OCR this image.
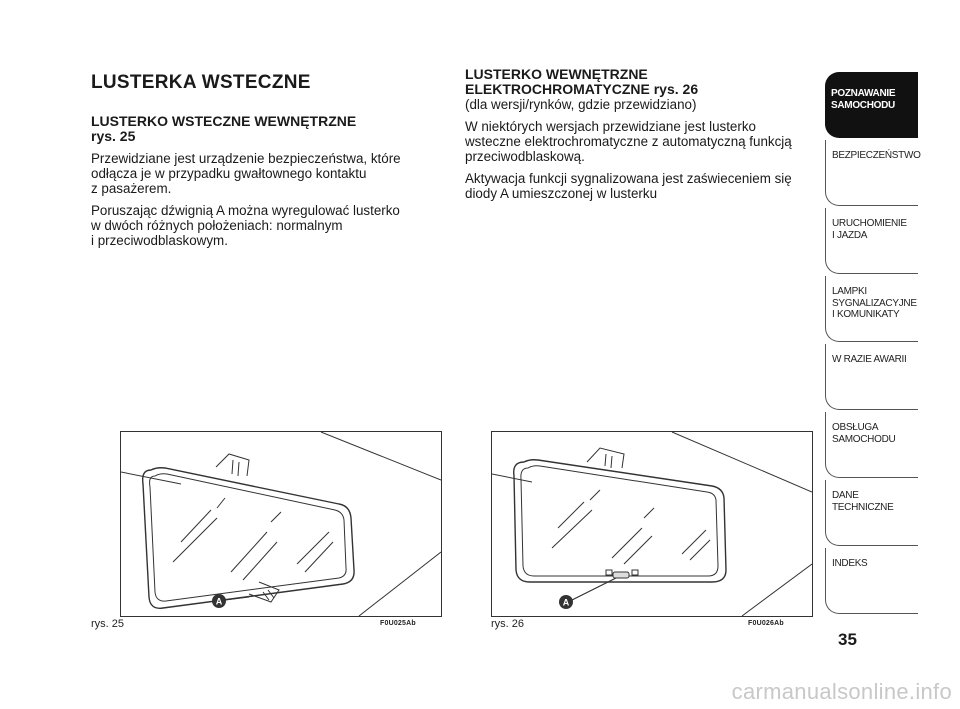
LUSTERKA WSTECZNE

LUSTERKO WSTECZNE WEWNĘTRZNE
rys. 25

Przewidziane jest urządzenie bezpieczeństwa, które
odłącza je w przypadku gwałtownego kontaktu
z pasażerem.

Poruszając dźwignią A można wyregulować lusterko
w dwóch różnych położeniach: normalnym
i przeciwodblaskowym.

LUSTERKO WEWNĘTRZNE
ELEKTROCHROMATYCZNE rys. 26

(dla wersji/rynków, gdzie przewidziano)

W niektórych wersjach przewidziane jest lusterko
wsteczne elektrochromatyczne z automatyczną funkcją
przeciwodblaskową.

Aktywacja funkcji sygnalizowana jest zaświeceniem się
diody A umieszczonej w lusterku

A
rys. 25	F0U025Ab
A
rys. 26	F0U026Ab
POZNAWANIE
SAMOCHODU
BEZPIECZEŃSTWO
URUCHOMIENIE
I JAZDA
LAMPKI
SYGNALIZACYJNE
I KOMUNIKATY
W RAZIE AWARII
OBSŁUGA
SAMOCHODU
DANE
TECHNICZNE
INDEKS
35
carmanualsonline.info
